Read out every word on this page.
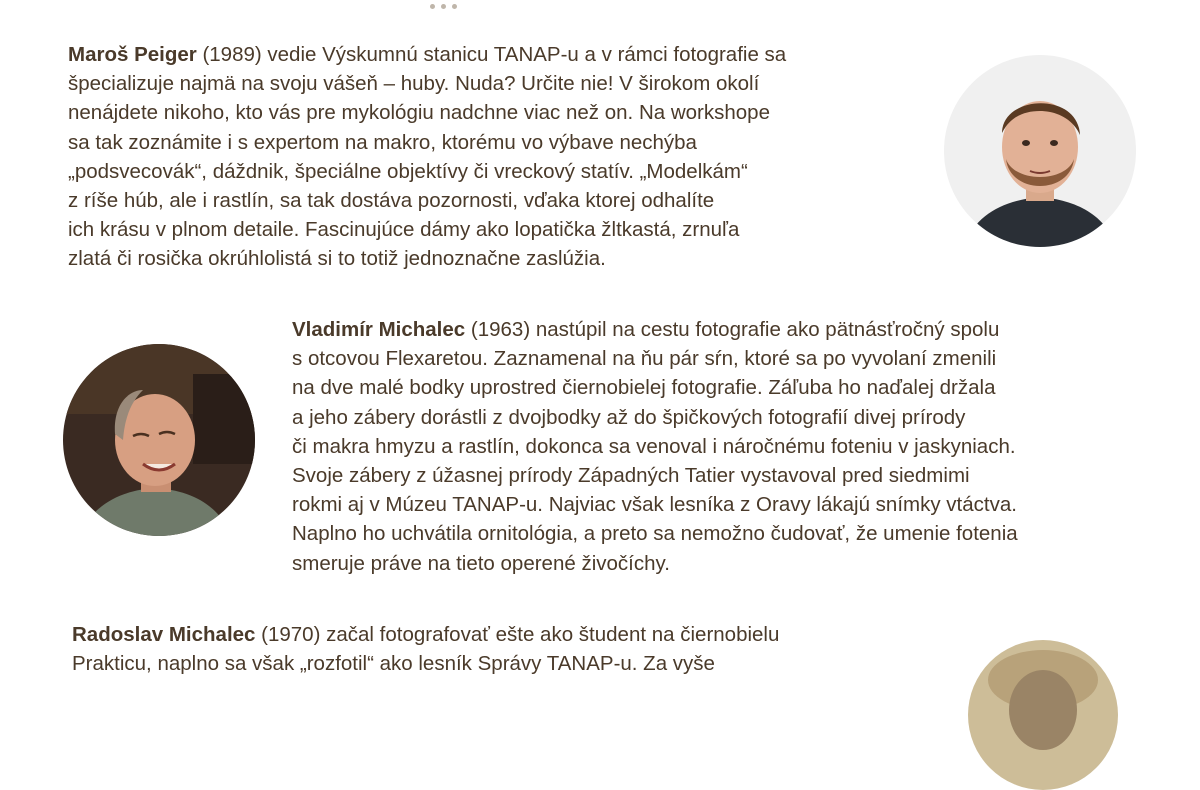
Maroš Peiger (1989) vedie Výskumnú stanicu TANAP-u a v rámci fotografie sa
špecializuje najmä na svoju vášeň – huby. Nuda? Určite nie! V širokom okolí
nenájdete nikoho, kto vás pre mykológiu nadchne viac než on. Na workshope
sa tak zoznámite i s expertom na makro, ktorému vo výbave nechýba
„podsvecovák“, dáždnik, špeciálne objektívy či vreckový statív. „Modelkám“
z ríše húb, ale i rastlín, sa tak dostáva pozornosti, vďaka ktorej odhalíte
ich krásu v plnom detaile. Fascinujúce dámy ako lopatička žltkastá, zrnuľa
zlatá či rosička okrúhlolistá si to totiž jednoznačne zaslúžia.
Vladimír Michalec (1963) nastúpil na cestu fotografie ako pätnásťročný spolu
s otcovou Flexaretou. Zaznamenal na ňu pár sŕn, ktoré sa po vyvolaní zmenili
na dve malé bodky uprostred čiernobielej fotografie. Záľuba ho naďalej držala
a jeho zábery dorástli z dvojbodky až do špičkových fotografií divej prírody
či makra hmyzu a rastlín, dokonca sa venoval i náročnému foteniu v jaskyniach.
Svoje zábery z úžasnej prírody Západných Tatier vystavoval pred siedmimi
rokmi aj v Múzeu TANAP-u. Najviac však lesníka z Oravy lákajú snímky vtáctva.
Naplno ho uchvátila ornitológia, a preto sa nemožno čudovať, že umenie fotenia
smeruje práve na tieto operené živočíchy.
Radoslav Michalec (1970) začal fotografovať ešte ako študent na čiernobielu
Prakticu, naplno sa však „rozfotil“ ako lesník Správy TANAP-u. Za vyše
